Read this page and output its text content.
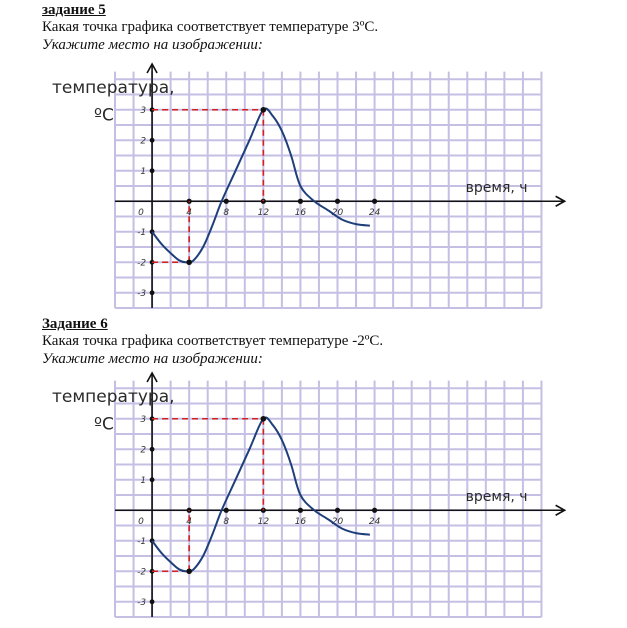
задание 5
Какая точка графика соответствует температуре 3ºС.
Укажите место на изображении:
температура,
ºС
время, ч
0	4	8	12	16	20	24
3
2
1
-1
-2
-3
Задание 6
Какая точка графика соответствует температуре -2ºС.
Укажите место на изображении:
температура,
ºС
время, ч
0	4	8	12	16	20	24
3
2
1
-1
-2
-3
